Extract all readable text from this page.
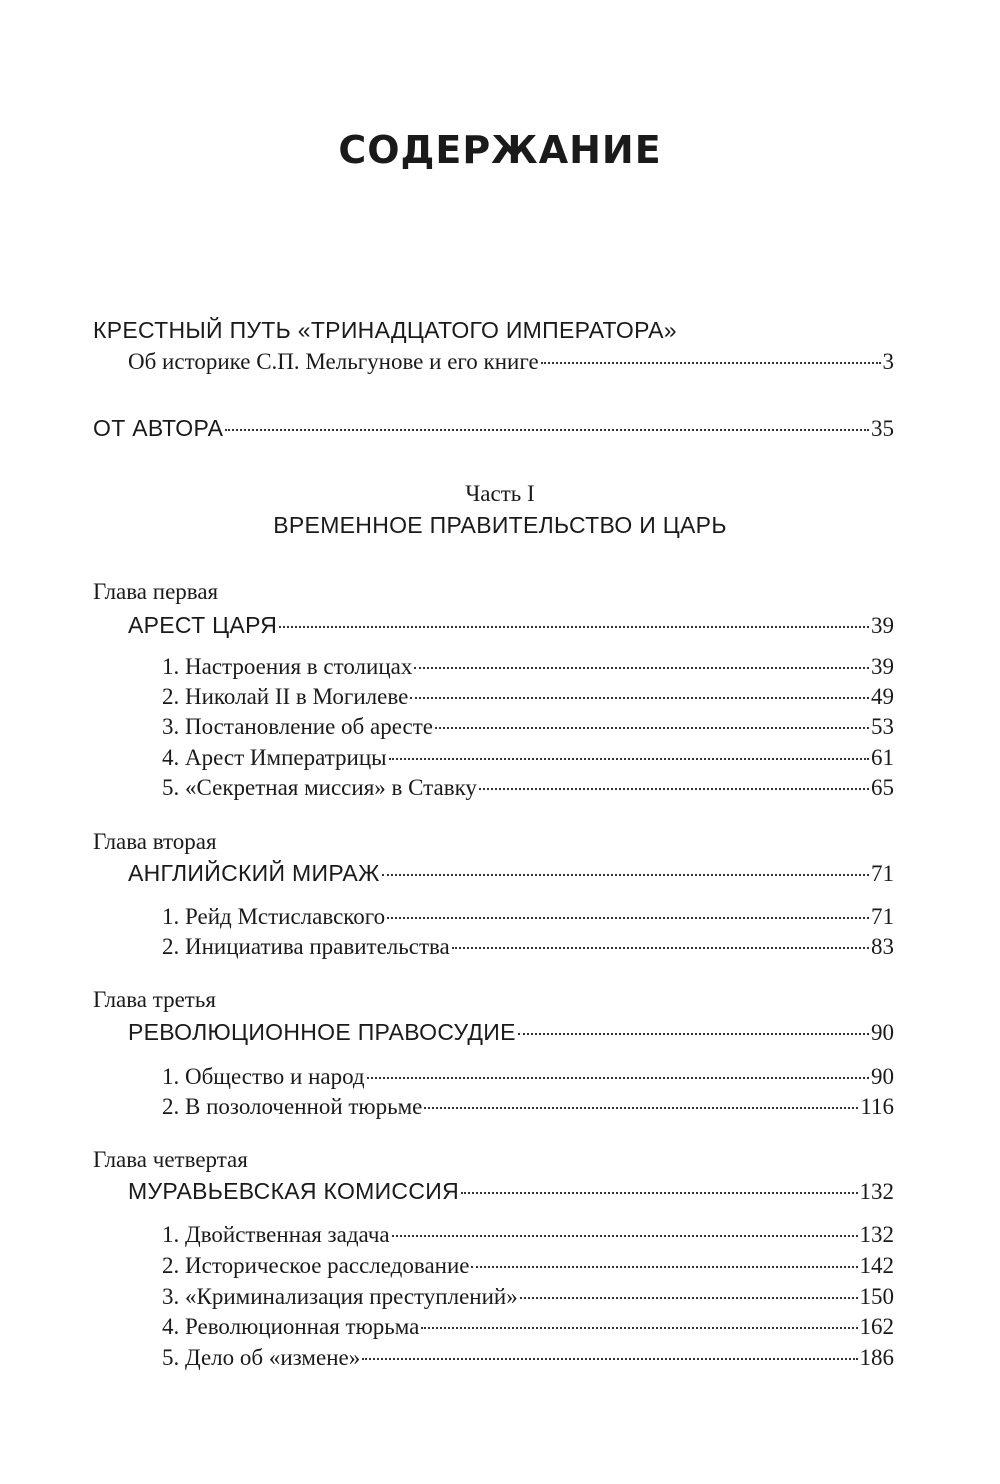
СОДЕРЖАНИЕ
КРЕСТНЫЙ ПУТЬ «ТРИНАДЦАТОГО ИМПЕРАТОРА»
Об историке С.П. Мельгунове и его книге	3
ОТ АВТОРА	35
Часть I
ВРЕМЕННОЕ ПРАВИТЕЛЬСТВО И ЦАРЬ
Глава первая
АРЕСТ ЦАРЯ	39
1. Настроения в столицах	39
2. Николай II в Могилеве	49
3. Постановление об аресте	53
4. Арест Императрицы	61
5. «Секретная миссия» в Ставку	65
Глава вторая
АНГЛИЙСКИЙ МИРАЖ	71
1. Рейд Мстиславского	71
2. Инициатива правительства	83
Глава третья
РЕВОЛЮЦИОННОЕ ПРАВОСУДИЕ	90
1. Общество и народ	90
2. В позолоченной тюрьме	116
Глава четвертая
МУРАВЬЕВСКАЯ КОМИССИЯ	132
1. Двойственная задача	132
2. Историческое расследование	142
3. «Криминализация преступлений»	150
4. Революционная тюрьма	162
5. Дело об «измене»	186
